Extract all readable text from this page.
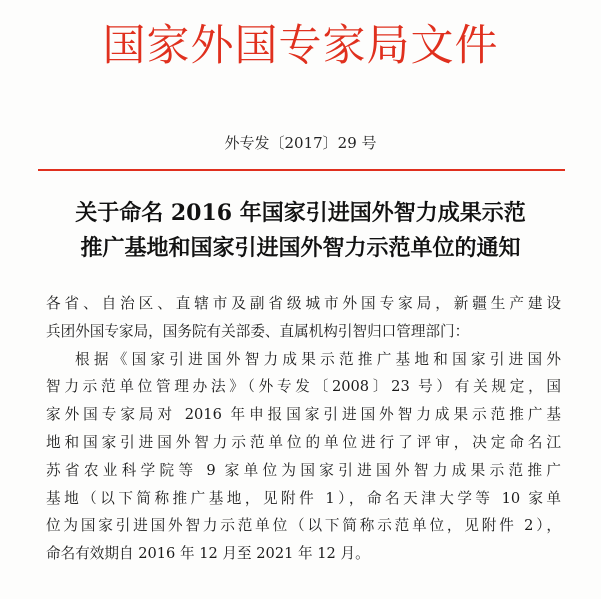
国家外国专家局文件
外专发〔2017〕29 号
关于命名 2016 年国家引进国外智力成果示范
推广基地和国家引进国外智力示范单位的通知
各省、自治区、直辖市及副省级城市外国专家局，新疆生产建设
兵团外国专家局，国务院有关部委、直属机构引智归口管理部门：
根据《国家引进国外智力成果示范推广基地和国家引进国外
智力示范单位管理办法》（外专发〔2008〕23 号）有关规定，国
家外国专家局对 2016 年申报国家引进国外智力成果示范推广基
地和国家引进国外智力示范单位的单位进行了评审，决定命名江
苏省农业科学院等 9 家单位为国家引进国外智力成果示范推广
基地（以下简称推广基地，见附件 1），命名天津大学等 10 家单
位为国家引进国外智力示范单位（以下简称示范单位，见附件 2），
命名有效期自 2016 年 12 月至 2021 年 12 月。
